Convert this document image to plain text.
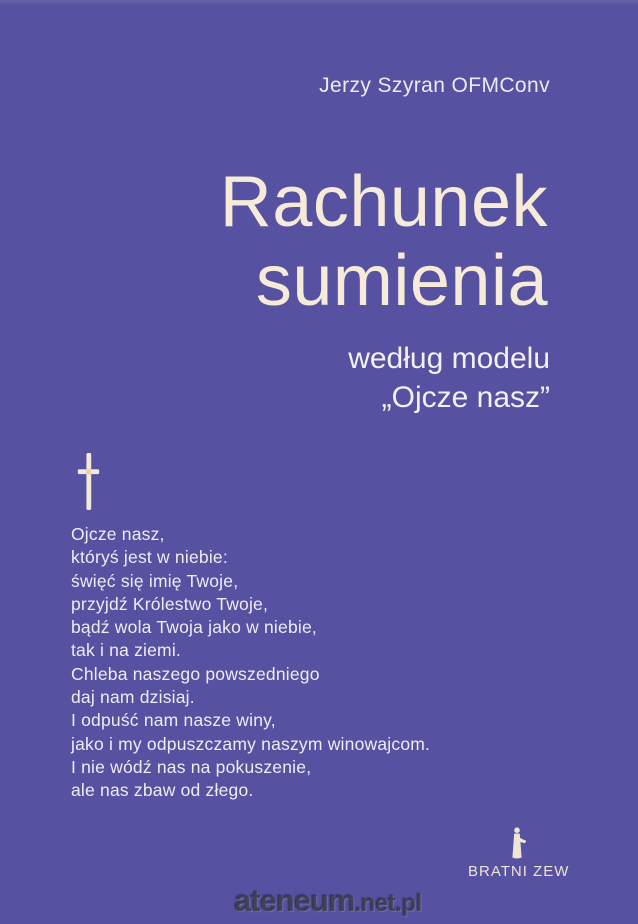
Jerzy Szyran OFMConv
Rachunek
sumienia
według modelu
„Ojcze nasz”
Ojcze nasz,
któryś jest w niebie:
święć się imię Twoje,
przyjdź Królestwo Twoje,
bądź wola Twoja jako w niebie,
tak i na ziemi.
Chleba naszego powszedniego
daj nam dzisiaj.
I odpuść nam nasze winy,
jako i my odpuszczamy naszym winowajcom.
I nie wódź nas na pokuszenie,
ale nas zbaw od złego.
BRATNI ZEW
ateneum.net.pl
